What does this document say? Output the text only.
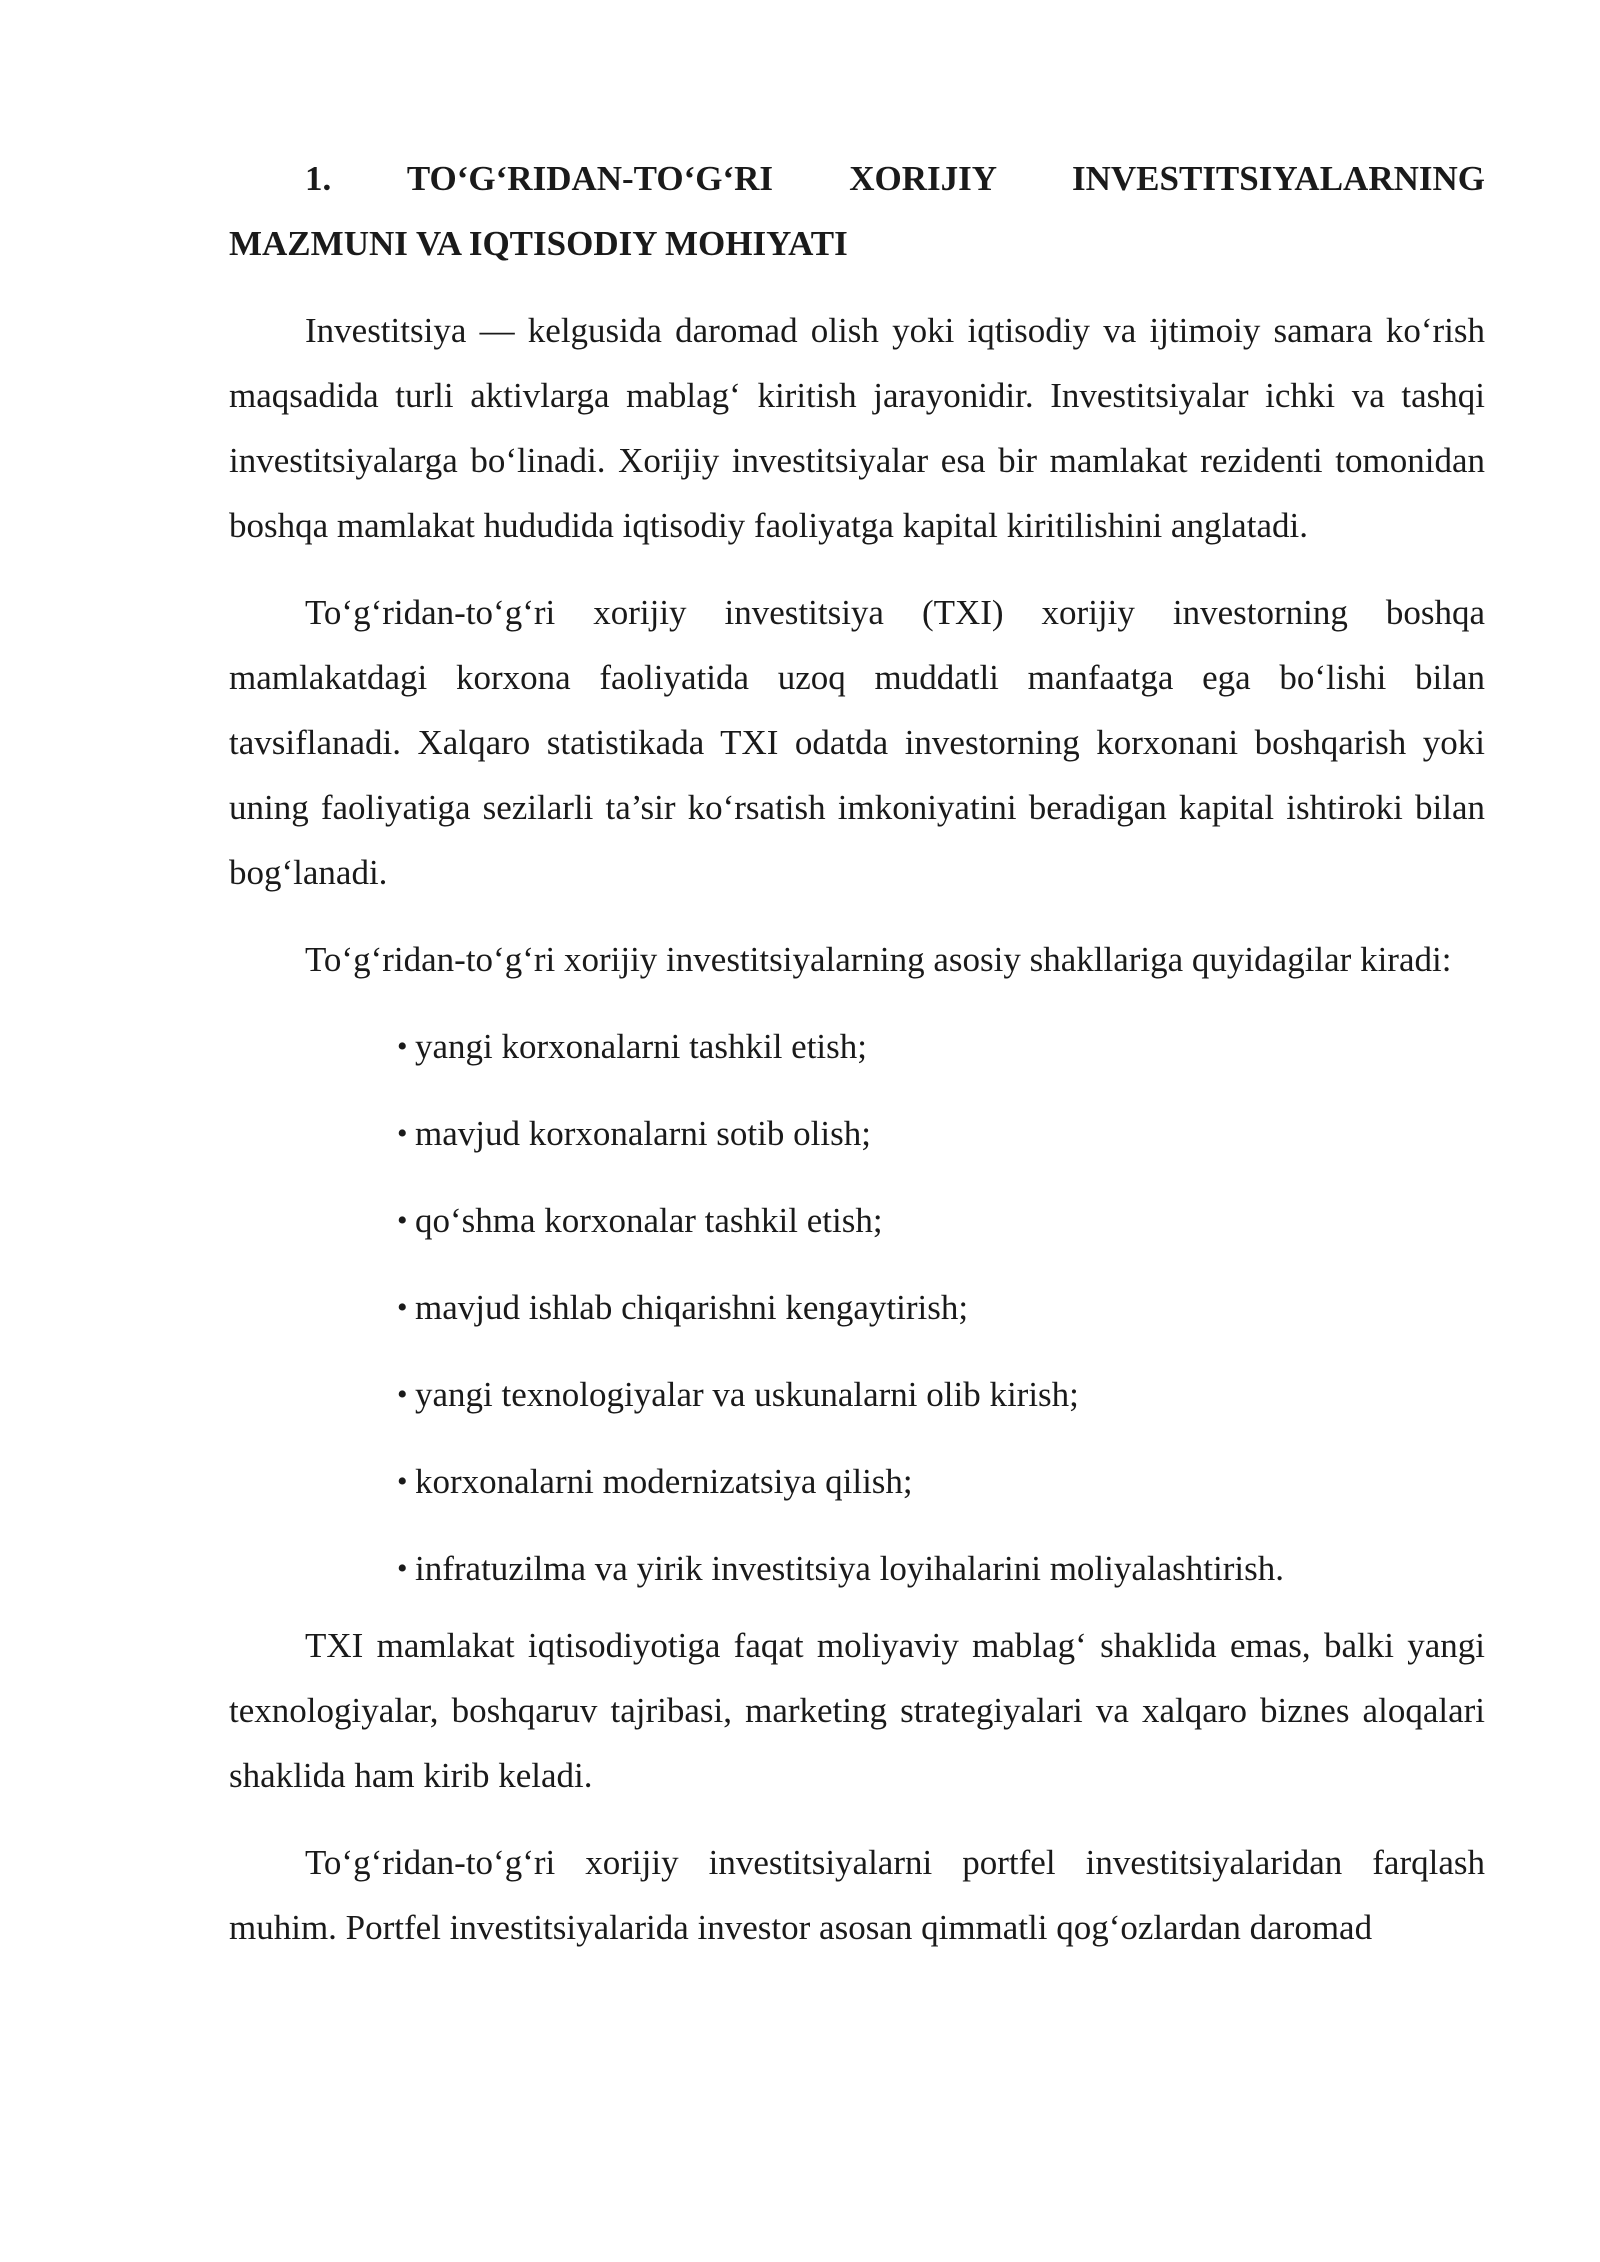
1. TO‘G‘RIDAN-TO‘G‘RI XORIJIY INVESTITSIYALARNING
MAZMUNI VA IQTISODIY MOHIYATI

Investitsiya — kelgusida daromad olish yoki iqtisodiy va ijtimoiy samara ko‘rish maqsadida turli aktivlarga mablag‘ kiritish jarayonidir. Investitsiyalar ichki va tashqi investitsiyalarga bo‘linadi. Xorijiy investitsiyalar esa bir mamlakat rezidenti tomonidan boshqa mamlakat hududida iqtisodiy faoliyatga kapital kiritilishini anglatadi.

To‘g‘ridan-to‘g‘ri xorijiy investitsiya (TXI) xorijiy investorning boshqa mamlakatdagi korxona faoliyatida uzoq muddatli manfaatga ega bo‘lishi bilan tavsiflanadi. Xalqaro statistikada TXI odatda investorning korxonani boshqarish yoki uning faoliyatiga sezilarli ta’sir ko‘rsatish imkoniyatini beradigan kapital ishtiroki bilan bog‘lanadi.

To‘g‘ridan-to‘g‘ri xorijiy investitsiyalarning asosiy shakllariga quyidagilar kiradi:

• yangi korxonalarni tashkil etish;
• mavjud korxonalarni sotib olish;
• qo‘shma korxonalar tashkil etish;
• mavjud ishlab chiqarishni kengaytirish;
• yangi texnologiyalar va uskunalarni olib kirish;
• korxonalarni modernizatsiya qilish;
• infratuzilma va yirik investitsiya loyihalarini moliyalashtirish.

TXI mamlakat iqtisodiyotiga faqat moliyaviy mablag‘ shaklida emas, balki yangi texnologiyalar, boshqaruv tajribasi, marketing strategiyalari va xalqaro biznes aloqalari shaklida ham kirib keladi.

To‘g‘ridan-to‘g‘ri xorijiy investitsiyalarni portfel investitsiyalaridan farqlash muhim. Portfel investitsiyalarida investor asosan qimmatli qog‘ozlardan daromad
